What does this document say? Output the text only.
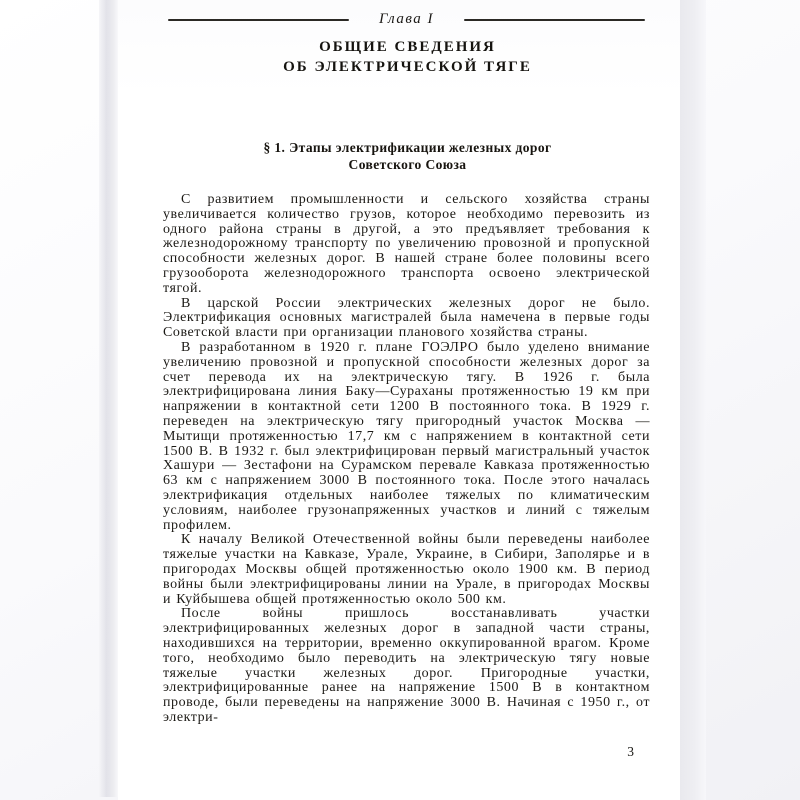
Глава I
ОБЩИЕ СВЕДЕНИЯ
ОБ ЭЛЕКТРИЧЕСКОЙ ТЯГЕ
§ 1. Этапы электрификации железных дорог
Советского Союза

С развитием промышленности и сельского хозяйства страны увеличивается количество грузов, которое необходимо перевозить из одного района страны в другой, а это предъявляет требования к железнодорожному транспорту по увеличению провозной и пропускной способности железных дорог. В нашей стране более половины всего грузооборота железнодорожного транспорта освоено электрической тягой.

В царской России электрических железных дорог не было. Электрификация основных магистралей была намечена в первые годы Советской власти при организации планового хозяйства страны.

В разработанном в 1920 г. плане ГОЭЛРО было уделено внимание увеличению провозной и пропускной способности железных дорог за счет перевода их на электрическую тягу. В 1926 г. была электрифицирована линия Баку—Сураханы протяженностью 19 км при напряжении в контактной сети 1200 В постоянного тока. В 1929 г. переведен на электрическую тягу пригородный участок Москва — Мытищи протяженностью 17,7 км с напряжением в контактной сети 1500 В. В 1932 г. был электрифицирован первый магистральный участок Хашури — Зестафони на Сурамском перевале Кавказа протяженностью 63 км с напряжением 3000 В постоянного тока. После этого началась электрификация отдельных наиболее тяжелых по климатическим условиям, наиболее грузонапряженных участков и линий с тяжелым профилем.

К началу Великой Отечественной войны были переведены наиболее тяжелые участки на Кавказе, Урале, Украине, в Сибири, Заполярье и в пригородах Москвы общей протяженностью около 1900 км. В период войны были электрифицированы линии на Урале, в пригородах Москвы и Куйбышева общей протяженностью около 500 км.

После войны пришлось восстанавливать участки электрифицированных железных дорог в западной части страны, находившихся на территории, временно оккупированной врагом. Кроме того, необходимо было переводить на электрическую тягу новые тяжелые участки железных дорог. Пригородные участки, электрифицированные ранее на напряжение 1500 В в контактном проводе, были переведены на напряжение 3000 В. Начиная с 1950 г., от электри-

3
